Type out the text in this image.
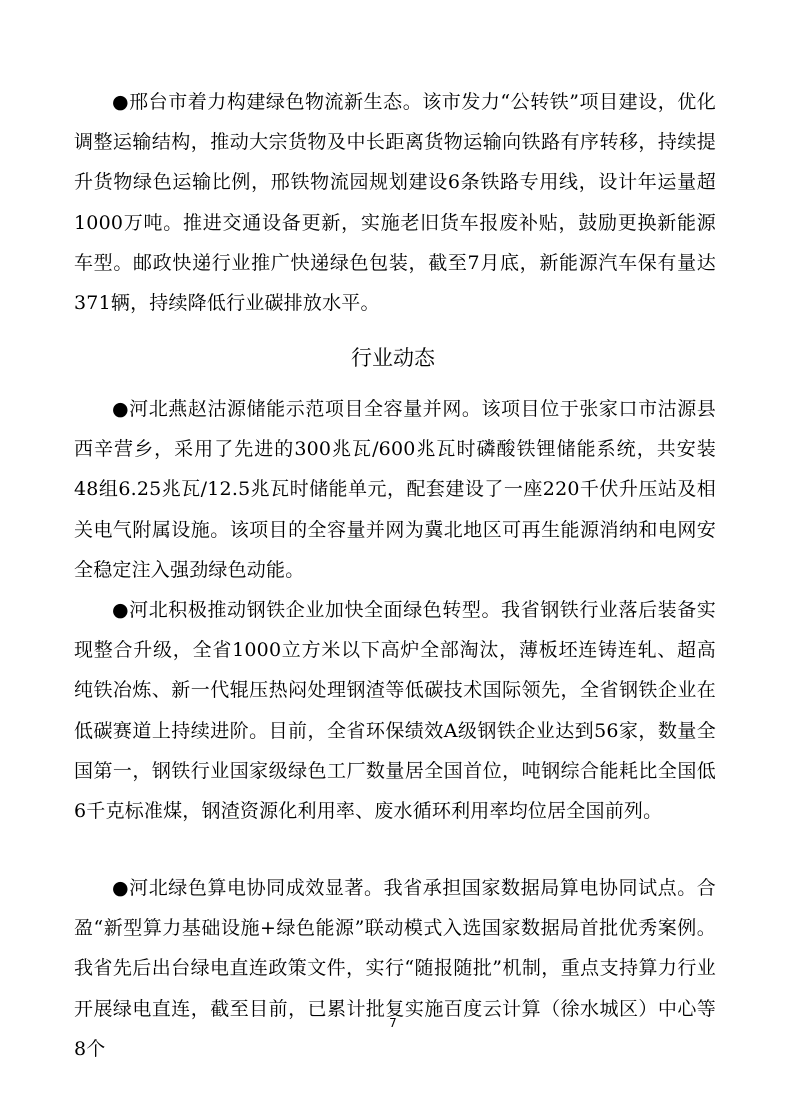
●邢台市着力构建绿色物流新生态。该市发力“公转铁”项目建设，优化调整运输结构，推动大宗货物及中长距离货物运输向铁路有序转移，持续提升货物绿色运输比例，邢铁物流园规划建设6条铁路专用线，设计年运量超1000万吨。推进交通设备更新，实施老旧货车报废补贴，鼓励更换新能源车型。邮政快递行业推广快递绿色包装，截至7月底，新能源汽车保有量达371辆，持续降低行业碳排放水平。

行业动态

●河北燕赵沽源储能示范项目全容量并网。该项目位于张家口市沽源县西辛营乡，采用了先进的300兆瓦/600兆瓦时磷酸铁锂储能系统，共安装48组6.25兆瓦/12.5兆瓦时储能单元，配套建设了一座220千伏升压站及相关电气附属设施。该项目的全容量并网为冀北地区可再生能源消纳和电网安全稳定注入强劲绿色动能。

●河北积极推动钢铁企业加快全面绿色转型。我省钢铁行业落后装备实现整合升级，全省1000立方米以下高炉全部淘汰，薄板坯连铸连轧、超高纯铁冶炼、新一代辊压热闷处理钢渣等低碳技术国际领先，全省钢铁企业在低碳赛道上持续进阶。目前，全省环保绩效A级钢铁企业达到56家，数量全国第一，钢铁行业国家级绿色工厂数量居全国首位，吨钢综合能耗比全国低6千克标准煤，钢渣资源化利用率、废水循环利用率均位居全国前列。

●河北绿色算电协同成效显著。我省承担国家数据局算电协同试点。合盈“新型算力基础设施+绿色能源”联动模式入选国家数据局首批优秀案例。我省先后出台绿电直连政策文件，实行“随报随批”机制，重点支持算力行业开展绿电直连，截至目前，已累计批复实施百度云计算（徐水城区）中心等8个

7
